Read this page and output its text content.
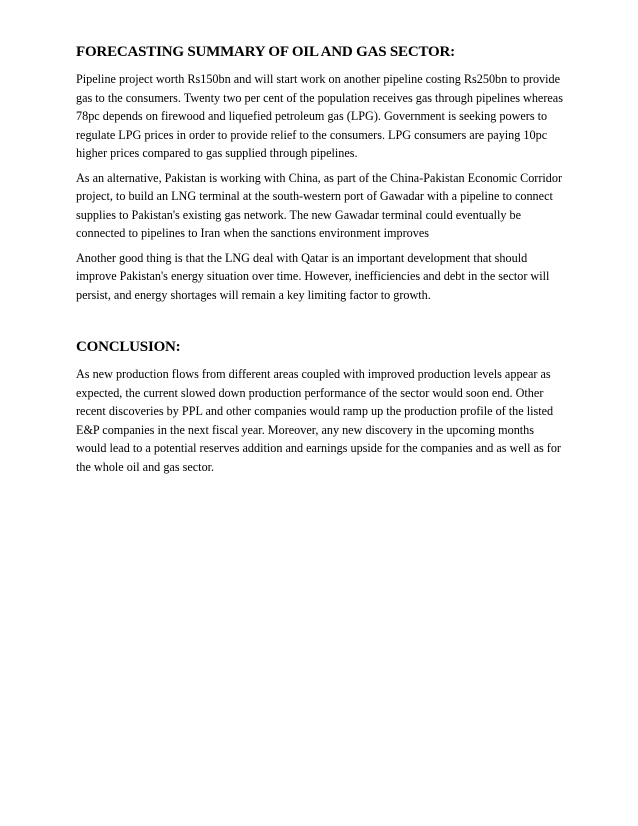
FORECASTING SUMMARY OF OIL AND GAS SECTOR:

Pipeline project worth Rs150bn and will start work on another pipeline costing Rs250bn to provide gas to the consumers. Twenty two per cent of the population receives gas through pipelines whereas 78pc depends on firewood and liquefied petroleum gas (LPG). Government is seeking powers to regulate LPG prices in order to provide relief to the consumers. LPG consumers are paying 10pc higher prices compared to gas supplied through pipelines.

As an alternative, Pakistan is working with China, as part of the China-Pakistan Economic Corridor project, to build an LNG terminal at the south-western port of Gawadar with a pipeline to connect supplies to Pakistan's existing gas network. The new Gawadar terminal could eventually be connected to pipelines to Iran when the sanctions environment improves

Another good thing is that the LNG deal with Qatar is an important development that should improve Pakistan's energy situation over time. However, inefficiencies and debt in the sector will persist, and energy shortages will remain a key limiting factor to growth.

CONCLUSION:

As new production flows from different areas coupled with improved production levels appear as expected, the current slowed down production performance of the sector would soon end. Other recent discoveries by PPL and other companies would ramp up the production profile of the listed E&P companies in the next fiscal year. Moreover, any new discovery in the upcoming months would lead to a potential reserves addition and earnings upside for the companies and as well as for the whole oil and gas sector.
